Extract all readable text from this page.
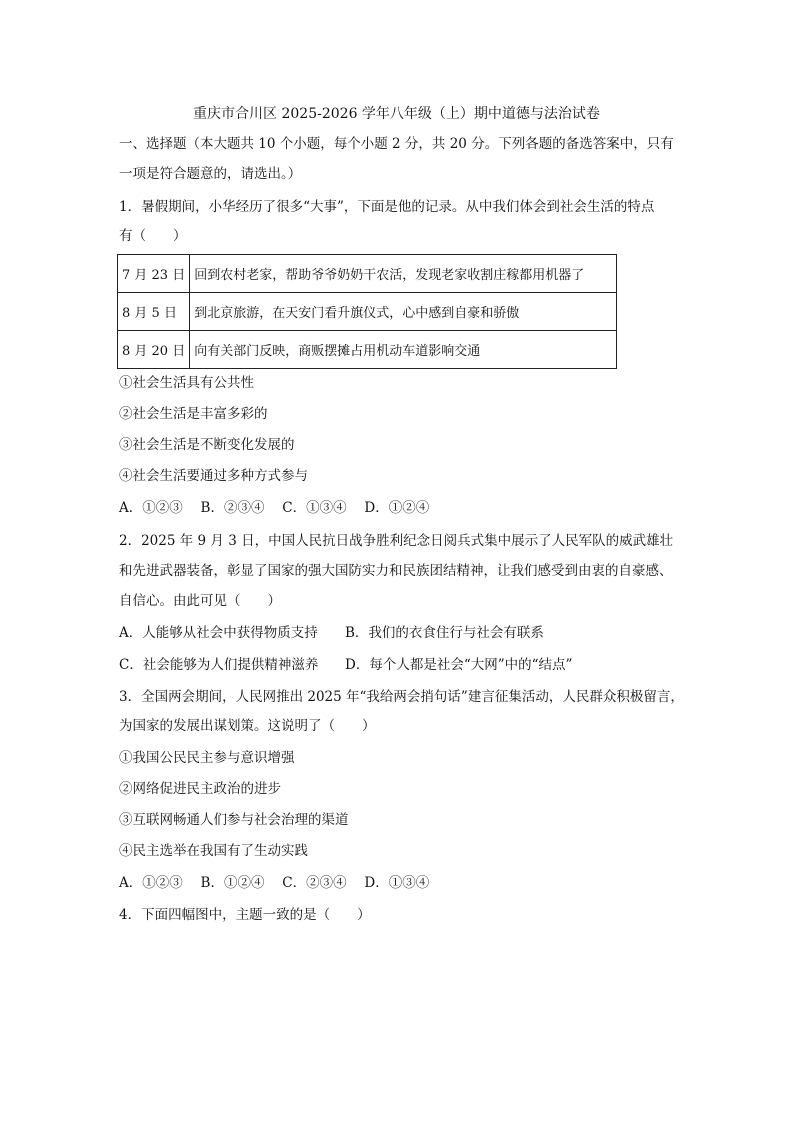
重庆市合川区 2025-2026 学年八年级（上）期中道德与法治试卷
一、选择题（本大题共 10 个小题，每个小题 2 分，共 20 分。下列各题的备选答案中，只有
一项是符合题意的，请选出。）
1．暑假期间，小华经历了很多“大事”，下面是他的记录。从中我们体会到社会生活的特点
有（　　）
7 月 23 日	回到农村老家，帮助爷爷奶奶干农活，发现老家收割庄稼都用机器了
8 月 5 日	到北京旅游，在天安门看升旗仪式，心中感到自豪和骄傲
8 月 20 日	向有关部门反映，商贩摆摊占用机动车道影响交通
①社会生活具有公共性
②社会生活是丰富多彩的
③社会生活是不断变化发展的
④社会生活要通过多种方式参与
A．①②③　 B．②③④　 C．①③④　 D．①②④
2．2025 年 9 月 3 日，中国人民抗日战争胜利纪念日阅兵式集中展示了人民军队的威武雄壮
和先进武器装备，彰显了国家的强大国防实力和民族团结精神，让我们感受到由衷的自豪感、
自信心。由此可见（　　）
A．人能够从社会中获得物质支持 B．我们的衣食住行与社会有联系
C．社会能够为人们提供精神滋养 D．每个人都是社会“大网”中的“结点”
3．全国两会期间，人民网推出 2025 年“我给两会捎句话”建言征集活动，人民群众积极留言，
为国家的发展出谋划策。这说明了（　　）
①我国公民民主参与意识增强
②网络促进民主政治的进步
③互联网畅通人们参与社会治理的渠道
④民主选举在我国有了生动实践
A．①②③　 B．①②④　 C．②③④　 D．①③④
4．下面四幅图中，主题一致的是（　　）
